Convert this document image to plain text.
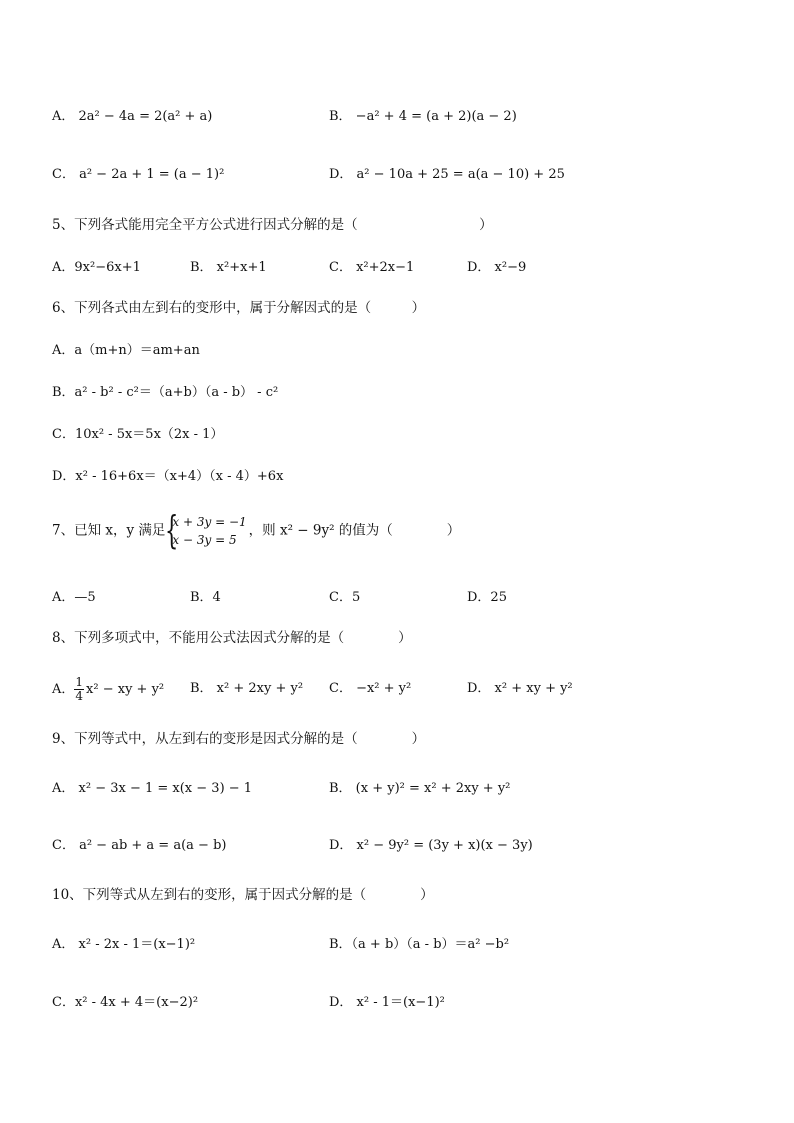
A． 2a² − 4a = 2(a² + a)	B． −a² + 4 = (a + 2)(a − 2)
C． a² − 2a + 1 = (a − 1)²	D． a² − 10a + 25 = a(a − 10) + 25
5、下列各式能用完全平方公式进行因式分解的是（　　　　　　　　　）
A．9x²−6x+1	B． x²+x+1	C． x²+2x−1	D． x²−9
6、下列各式由左到右的变形中，属于分解因式的是（　　　）
A．a（m+n）＝am+an
B．a² - b² - c²＝（a+b）（a - b） - c²
C．10x² - 5x＝5x（2x - 1）
D．x² - 16+6x＝（x+4）（x - 4）+6x
7、已知 x，y 满足 {
x + 3y = −1
x − 3y = 5
，则 x² − 9y² 的值为（　　　　）
A．—5	B．4	C．5	D．25
8、下列多项式中，不能用公式法因式分解的是（　　　　）
A． $\frac{1}{4} x^2$ − xy + y² B． x² + 2xy + y² C． −x² + y²	D． x² + xy + y²
9、下列等式中，从左到右的变形是因式分解的是（　　　　）
A． x² − 3x − 1 = x(x − 3) − 1	B． (x + y)² = x² + 2xy + y²
C． a² − ab + a = a(a − b)	D． x² − 9y² = (3y + x)(x − 3y)
10、下列等式从左到右的变形，属于因式分解的是（　　　　）
A． x² - 2x - 1＝(x−1)²	B．（a + b）（a - b）＝a² −b²
C．x² - 4x + 4＝(x−2)²	D． x² - 1＝(x−1)²
